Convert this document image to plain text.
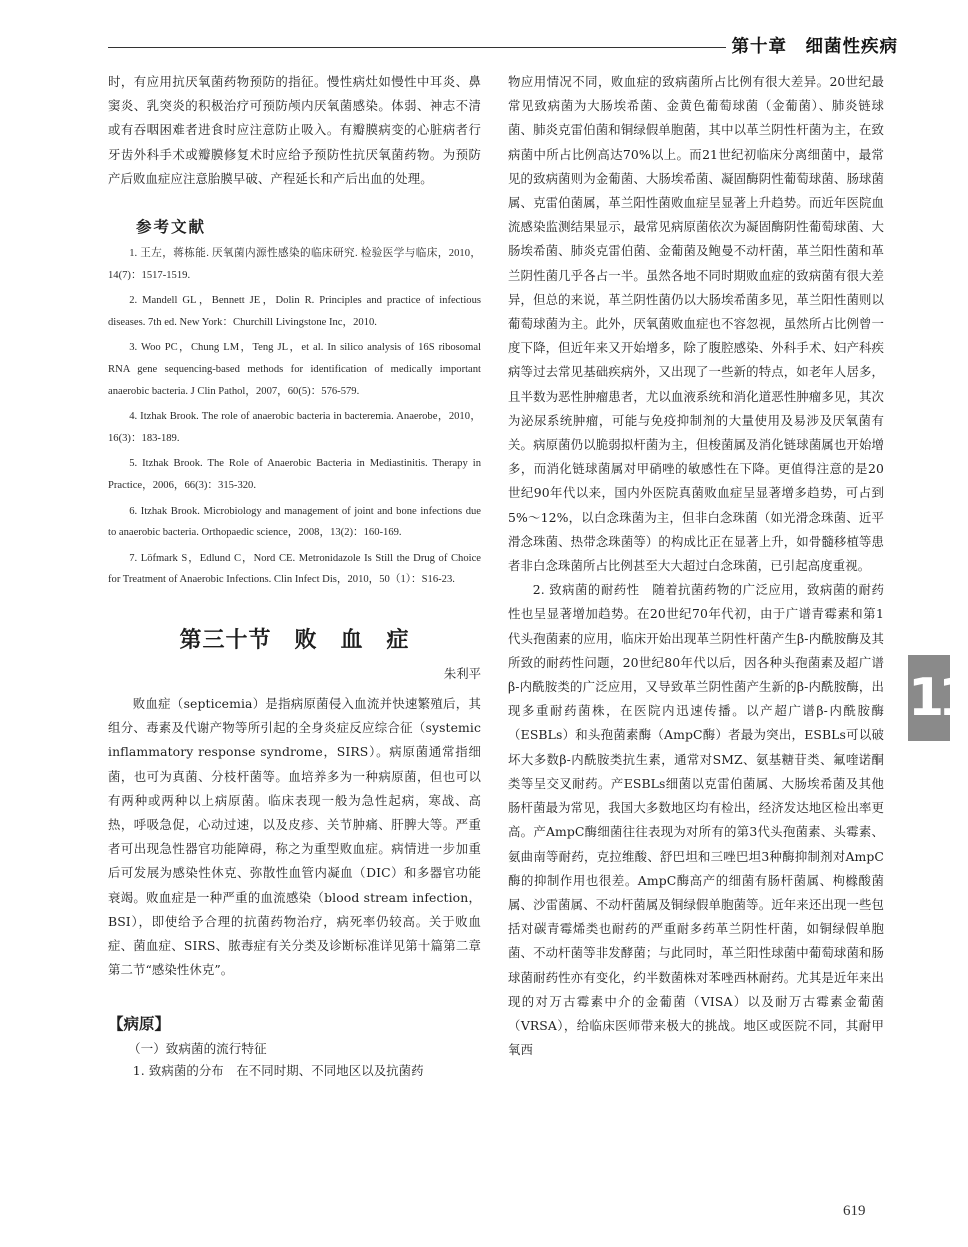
第十章　细菌性疾病

时，有应用抗厌氧菌药物预防的指征。慢性病灶如慢性中耳炎、鼻窦炎、乳突炎的积极治疗可预防颅内厌氧菌感染。体弱、神志不清或有吞咽困难者进食时应注意防止吸入。有瓣膜病变的心脏病者行牙齿外科手术或瓣膜修复术时应给予预防性抗厌氧菌药物。为预防产后败血症应注意胎膜早破、产程延长和产后出血的处理。

参考文献

1. 王左，蒋栋能. 厌氧菌内源性感染的临床研究. 检验医学与临床，2010，14(7)：1517-1519.

2. Mandell GL，Bennett JE，Dolin R. Principles and practice of infectious diseases. 7th ed. New York：Churchill Livingstone Inc，2010.

3. Woo PC，Chung LM，Teng JL，et al. In silico analysis of 16S ribosomal RNA gene sequencing-based methods for identification of medically important anaerobic bacteria. J Clin Pathol，2007，60(5)：576-579.

4. Itzhak Brook. The role of anaerobic bacteria in bacteremia. Anaerobe，2010，16(3)：183-189.

5. Itzhak Brook. The Role of Anaerobic Bacteria in Mediastinitis. Therapy in Practice，2006，66(3)：315-320.

6. Itzhak Brook. Microbiology and management of joint and bone infections due to anaerobic bacteria. Orthopaedic science，2008，13(2)：160-169.

7. Löfmark S，Edlund C，Nord CE. Metronidazole Is Still the Drug of Choice for Treatment of Anaerobic Infections. Clin Infect Dis，2010，50（1）：S16-23.

第三十节　败　血　症
朱利平

败血症（septicemia）是指病原菌侵入血流并快速繁殖后，其组分、毒素及代谢产物等所引起的全身炎症反应综合征（systemic inflammatory response syndrome，SIRS）。病原菌通常指细菌，也可为真菌、分枝杆菌等。血培养多为一种病原菌，但也可以有两种或两种以上病原菌。临床表现一般为急性起病，寒战、高热，呼吸急促，心动过速，以及皮疹、关节肿痛、肝脾大等。严重者可出现急性器官功能障碍，称之为重型败血症。病情进一步加重后可发展为感染性休克、弥散性血管内凝血（DIC）和多器官功能衰竭。败血症是一种严重的血流感染（blood stream infection，BSI），即使给予合理的抗菌药物治疗，病死率仍较高。关于败血症、菌血症、SIRS、脓毒症有关分类及诊断标准详见第十篇第二章第二节“感染性休克”。

【病原】
（一）致病菌的流行特征

1. 致病菌的分布　在不同时期、不同地区以及抗菌药

物应用情况不同，败血症的致病菌所占比例有很大差异。20世纪最常见致病菌为大肠埃希菌、金黄色葡萄球菌（金葡菌）、肺炎链球菌、肺炎克雷伯菌和铜绿假单胞菌，其中以革兰阴性杆菌为主，在致病菌中所占比例高达70%以上。而21世纪初临床分离细菌中，最常见的致病菌则为金葡菌、大肠埃希菌、凝固酶阴性葡萄球菌、肠球菌属、克雷伯菌属，革兰阳性菌败血症呈显著上升趋势。而近年医院血流感染监测结果显示，最常见病原菌依次为凝固酶阴性葡萄球菌、大肠埃希菌、肺炎克雷伯菌、金葡菌及鲍曼不动杆菌，革兰阳性菌和革兰阴性菌几乎各占一半。虽然各地不同时期败血症的致病菌有很大差异，但总的来说，革兰阴性菌仍以大肠埃希菌多见，革兰阳性菌则以葡萄球菌为主。此外，厌氧菌败血症也不容忽视，虽然所占比例曾一度下降，但近年来又开始增多，除了腹腔感染、外科手术、妇产科疾病等过去常见基础疾病外，又出现了一些新的特点，如老年人居多，且半数为恶性肿瘤患者，尤以血液系统和消化道恶性肿瘤多见，其次为泌尿系统肿瘤，可能与免疫抑制剂的大量使用及易涉及厌氧菌有关。病原菌仍以脆弱拟杆菌为主，但梭菌属及消化链球菌属也开始增多，而消化链球菌属对甲硝唑的敏感性在下降。更值得注意的是20世纪90年代以来，国内外医院真菌败血症呈显著增多趋势，可占到5%～12%，以白念珠菌为主，但非白念珠菌（如光滑念珠菌、近平滑念珠菌、热带念珠菌等）的构成比正在显著上升，如骨髓移植等患者非白念珠菌所占比例甚至大大超过白念珠菌，已引起高度重视。

2. 致病菌的耐药性　随着抗菌药物的广泛应用，致病菌的耐药性也呈显著增加趋势。在20世纪70年代初，由于广谱青霉素和第1代头孢菌素的应用，临床开始出现革兰阴性杆菌产生β-内酰胺酶及其所致的耐药性问题，20世纪80年代以后，因各种头孢菌素及超广谱β-内酰胺类的广泛应用，又导致革兰阴性菌产生新的β-内酰胺酶，出现多重耐药菌株，在医院内迅速传播。以产超广谱β-内酰胺酶（ESBLs）和头孢菌素酶（AmpC酶）者最为突出，ESBLs可以破坏大多数β-内酰胺类抗生素，通常对SMZ、氨基糖苷类、氟喹诺酮类等呈交叉耐药。产ESBLs细菌以克雷伯菌属、大肠埃希菌及其他肠杆菌最为常见，我国大多数地区均有检出，经济发达地区检出率更高。产AmpC酶细菌往往表现为对所有的第3代头孢菌素、头霉素、氨曲南等耐药，克拉维酸、舒巴坦和三唑巴坦3种酶抑制剂对AmpC酶的抑制作用也很差。AmpC酶高产的细菌有肠杆菌属、枸橼酸菌属、沙雷菌属、不动杆菌属及铜绿假单胞菌等。近年来还出现一些包括对碳青霉烯类也耐药的严重耐多药革兰阴性杆菌，如铜绿假单胞菌、不动杆菌等非发酵菌；与此同时，革兰阳性球菌中葡萄球菌和肠球菌耐药性亦有变化，约半数菌株对苯唑西林耐药。尤其是近年来出现的对万古霉素中介的金葡菌（VISA）以及耐万古霉素金葡菌（VRSA），给临床医师带来极大的挑战。地区或医院不同，其耐甲氧西

11
619
